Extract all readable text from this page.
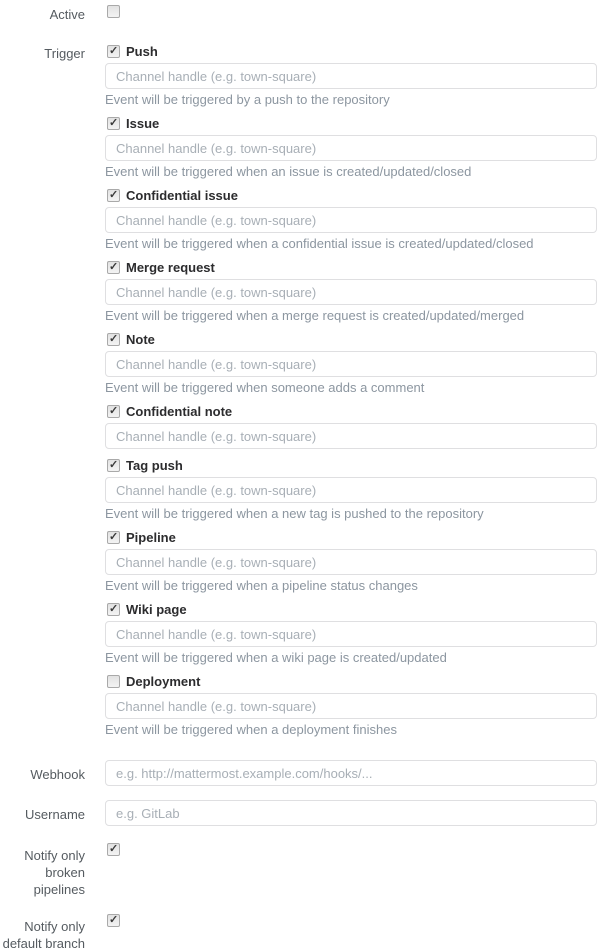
Active
Trigger ✓	Push
Channel handle (e.g. town-square)

Event will be triggered by a push to the repository

✓
Issue
Channel handle (e.g. town-square)

Event will be triggered when an issue is created/updated/closed

✓
Confidential issue
Channel handle (e.g. town-square)

Event will be triggered when a confidential issue is created/updated/closed

✓
Merge request
Channel handle (e.g. town-square)

Event will be triggered when a merge request is created/updated/merged

✓
Note
Channel handle (e.g. town-square)

Event will be triggered when someone adds a comment

✓
Confidential note
Channel handle (e.g. town-square)
✓
Tag push
Channel handle (e.g. town-square)

Event will be triggered when a new tag is pushed to the repository

✓
Pipeline
Channel handle (e.g. town-square)

Event will be triggered when a pipeline status changes

✓
Wiki page
Channel handle (e.g. town-square)

Event will be triggered when a wiki page is created/updated

Deployment
Channel handle (e.g. town-square)

Event will be triggered when a deployment finishes

Webhook
e.g. http://mattermost.example.com/hooks/...
Username
e.g. GitLab
Notify only broken pipelines
✓
Notify only default branch
✓
